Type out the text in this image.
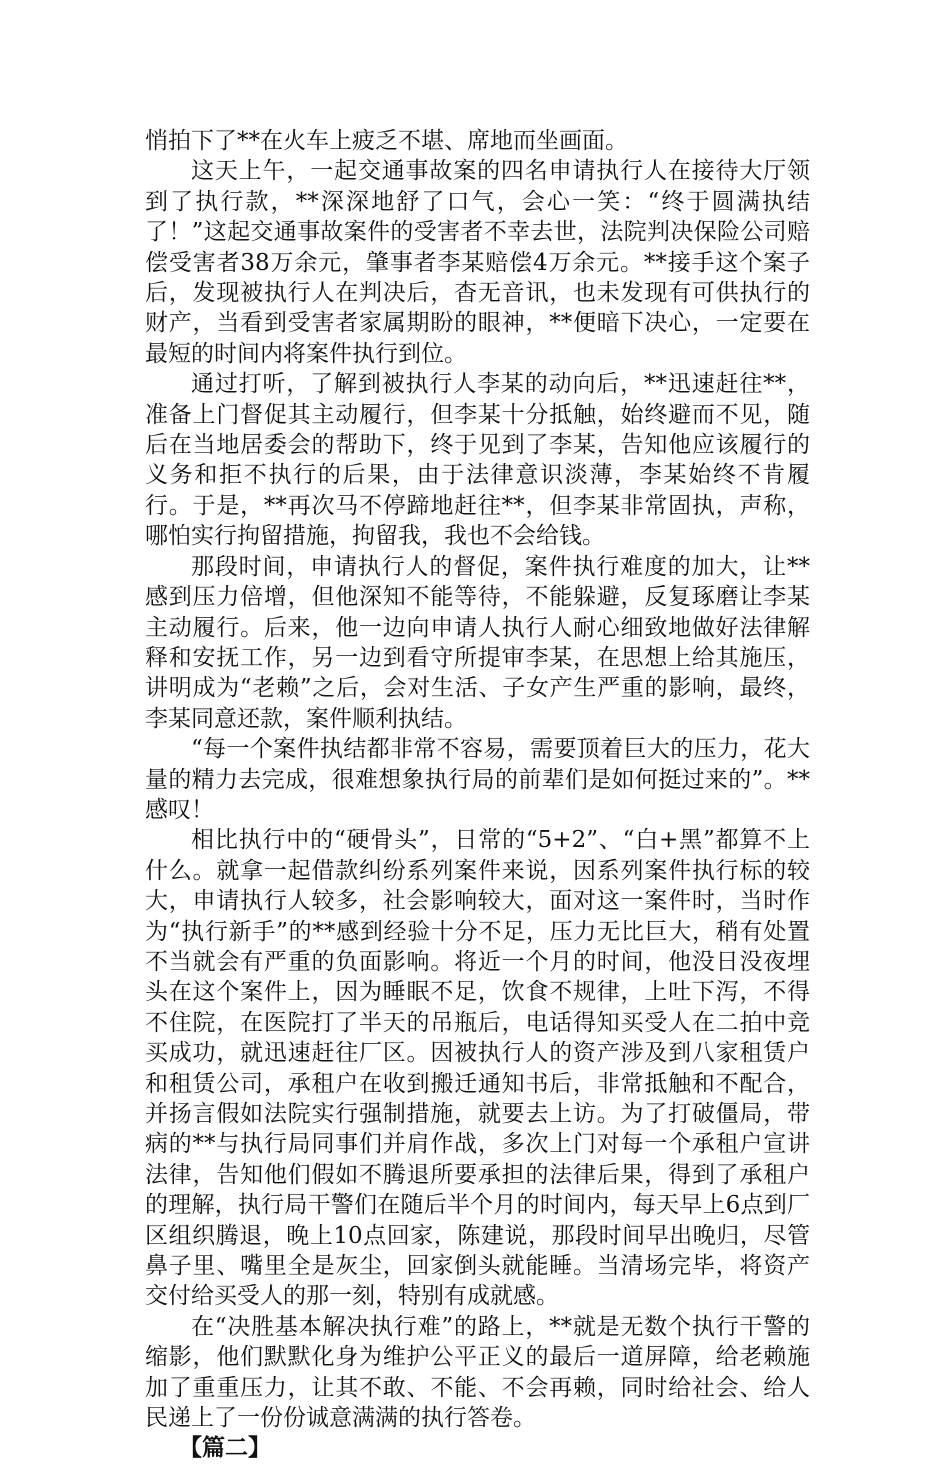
悄拍下了**在火车上疲乏不堪、席地而坐画面。

这天上午，一起交通事故案的四名申请执行人在接待大厅领到了执行款，**深深地舒了口气，会心一笑：“终于圆满执结了！”这起交通事故案件的受害者不幸去世，法院判决保险公司赔偿受害者38万余元，肇事者李某赔偿4万余元。**接手这个案子后，发现被执行人在判决后，杳无音讯，也未发现有可供执行的财产，当看到受害者家属期盼的眼神，**便暗下决心，一定要在最短的时间内将案件执行到位。

通过打听，了解到被执行人李某的动向后，**迅速赶往**，准备上门督促其主动履行，但李某十分抵触，始终避而不见，随后在当地居委会的帮助下，终于见到了李某，告知他应该履行的义务和拒不执行的后果，由于法律意识淡薄，李某始终不肯履行。于是，**再次马不停蹄地赶往**，但李某非常固执，声称，哪怕实行拘留措施，拘留我，我也不会给钱。

那段时间，申请执行人的督促，案件执行难度的加大，让**感到压力倍增，但他深知不能等待，不能躲避，反复琢磨让李某主动履行。后来，他一边向申请人执行人耐心细致地做好法律解释和安抚工作，另一边到看守所提审李某，在思想上给其施压，讲明成为“老赖”之后，会对生活、子女产生严重的影响，最终，李某同意还款，案件顺利执结。

“每一个案件执结都非常不容易，需要顶着巨大的压力，花大量的精力去完成，很难想象执行局的前辈们是如何挺过来的”。**感叹！

相比执行中的“硬骨头”，日常的“5+2”、“白+黑”都算不上什么。就拿一起借款纠纷系列案件来说，因系列案件执行标的较大，申请执行人较多，社会影响较大，面对这一案件时，当时作为“执行新手”的**感到经验十分不足，压力无比巨大，稍有处置不当就会有严重的负面影响。将近一个月的时间，他没日没夜埋头在这个案件上，因为睡眠不足，饮食不规律，上吐下泻，不得不住院，在医院打了半天的吊瓶后，电话得知买受人在二拍中竞买成功，就迅速赶往厂区。因被执行人的资产涉及到八家租赁户和租赁公司，承租户在收到搬迁通知书后，非常抵触和不配合，并扬言假如法院实行强制措施，就要去上访。为了打破僵局，带病的**与执行局同事们并肩作战，多次上门对每一个承租户宣讲法律，告知他们假如不腾退所要承担的法律后果，得到了承租户的理解，执行局干警们在随后半个月的时间内，每天早上6点到厂区组织腾退，晚上10点回家，陈建说，那段时间早出晚归，尽管鼻子里、嘴里全是灰尘，回家倒头就能睡。当清场完毕，将资产交付给买受人的那一刻，特别有成就感。

在“决胜基本解决执行难”的路上，**就是无数个执行干警的缩影，他们默默化身为维护公平正义的最后一道屏障，给老赖施加了重重压力，让其不敢、不能、不会再赖，同时给社会、给人民递上了一份份诚意满满的执行答卷。

【篇二】
